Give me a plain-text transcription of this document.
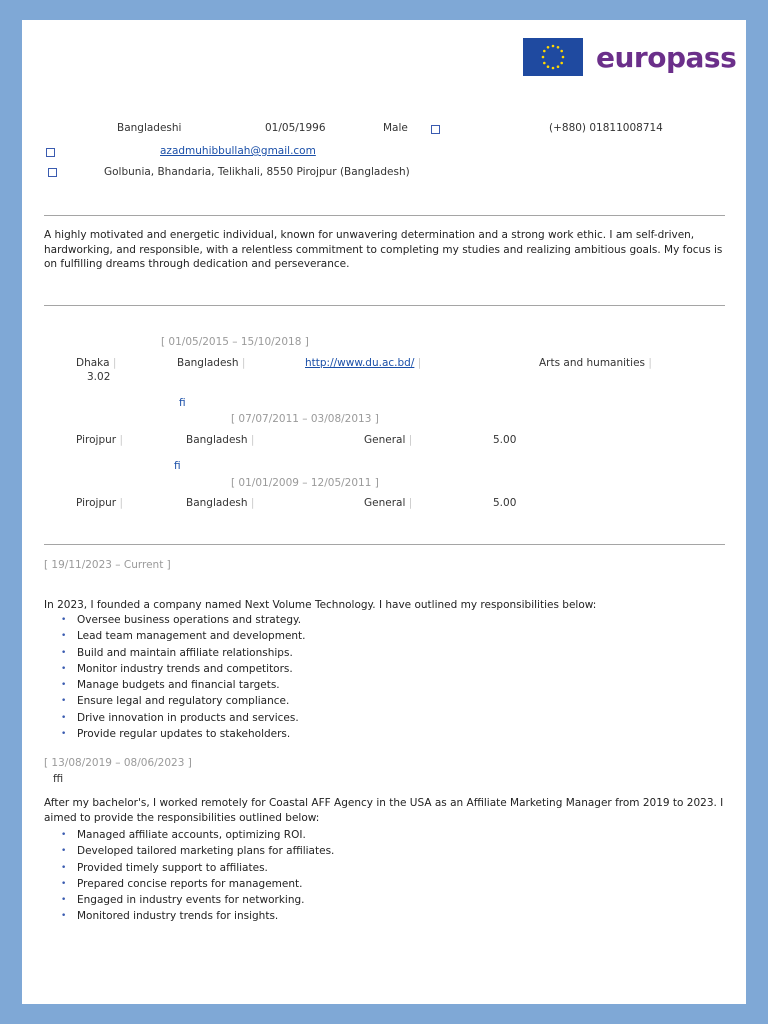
europass
Bangladeshi	01/05/1996	Male	(+880) 01811008714
azadmuhibbullah@gmail.com
Golbunia, Bhandaria, Telikhali, 8550 Pirojpur (Bangladesh)
A highly motivated and energetic individual, known for unwavering determination and a strong work ethic. I am self-driven, hardworking, and responsible, with a relentless commitment to completing my studies and realizing ambitious goals. My focus is on fulfilling dreams through dedication and perseverance.
[ 01/05/2015 – 15/10/2018 ]
Dhaka |	Bangladesh |	http://www.du.ac.bd/ |	Arts and humanities |
3.02
fi
[ 07/07/2011 – 03/08/2013 ]
Pirojpur |	Bangladesh |	General |	5.00
fi
[ 01/01/2009 – 12/05/2011 ]
Pirojpur |	Bangladesh |	General |	5.00
[ 19/11/2023 – Current ]
In 2023, I founded a company named Next Volume Technology. I have outlined my responsibilities below:
• Oversee business operations and strategy.
• Lead team management and development.
• Build and maintain aﬃliate relationships.
• Monitor industry trends and competitors.
• Manage budgets and ﬁnancial targets.
• Ensure legal and regulatory compliance.
• Drive innovation in products and services.
• Provide regular updates to stakeholders.
[ 13/08/2019 – 08/06/2023 ]
ﬃ
After my bachelor's, I worked remotely for Coastal AFF Agency in the USA as an Aﬃliate Marketing Manager from 2019 to 2023. I aimed to provide the responsibilities outlined below:
• Managed aﬃliate accounts, optimizing ROI.
• Developed tailored marketing plans for aﬃliates.
• Provided timely support to aﬃliates.
• Prepared concise reports for management.
• Engaged in industry events for networking.
• Monitored industry trends for insights.
